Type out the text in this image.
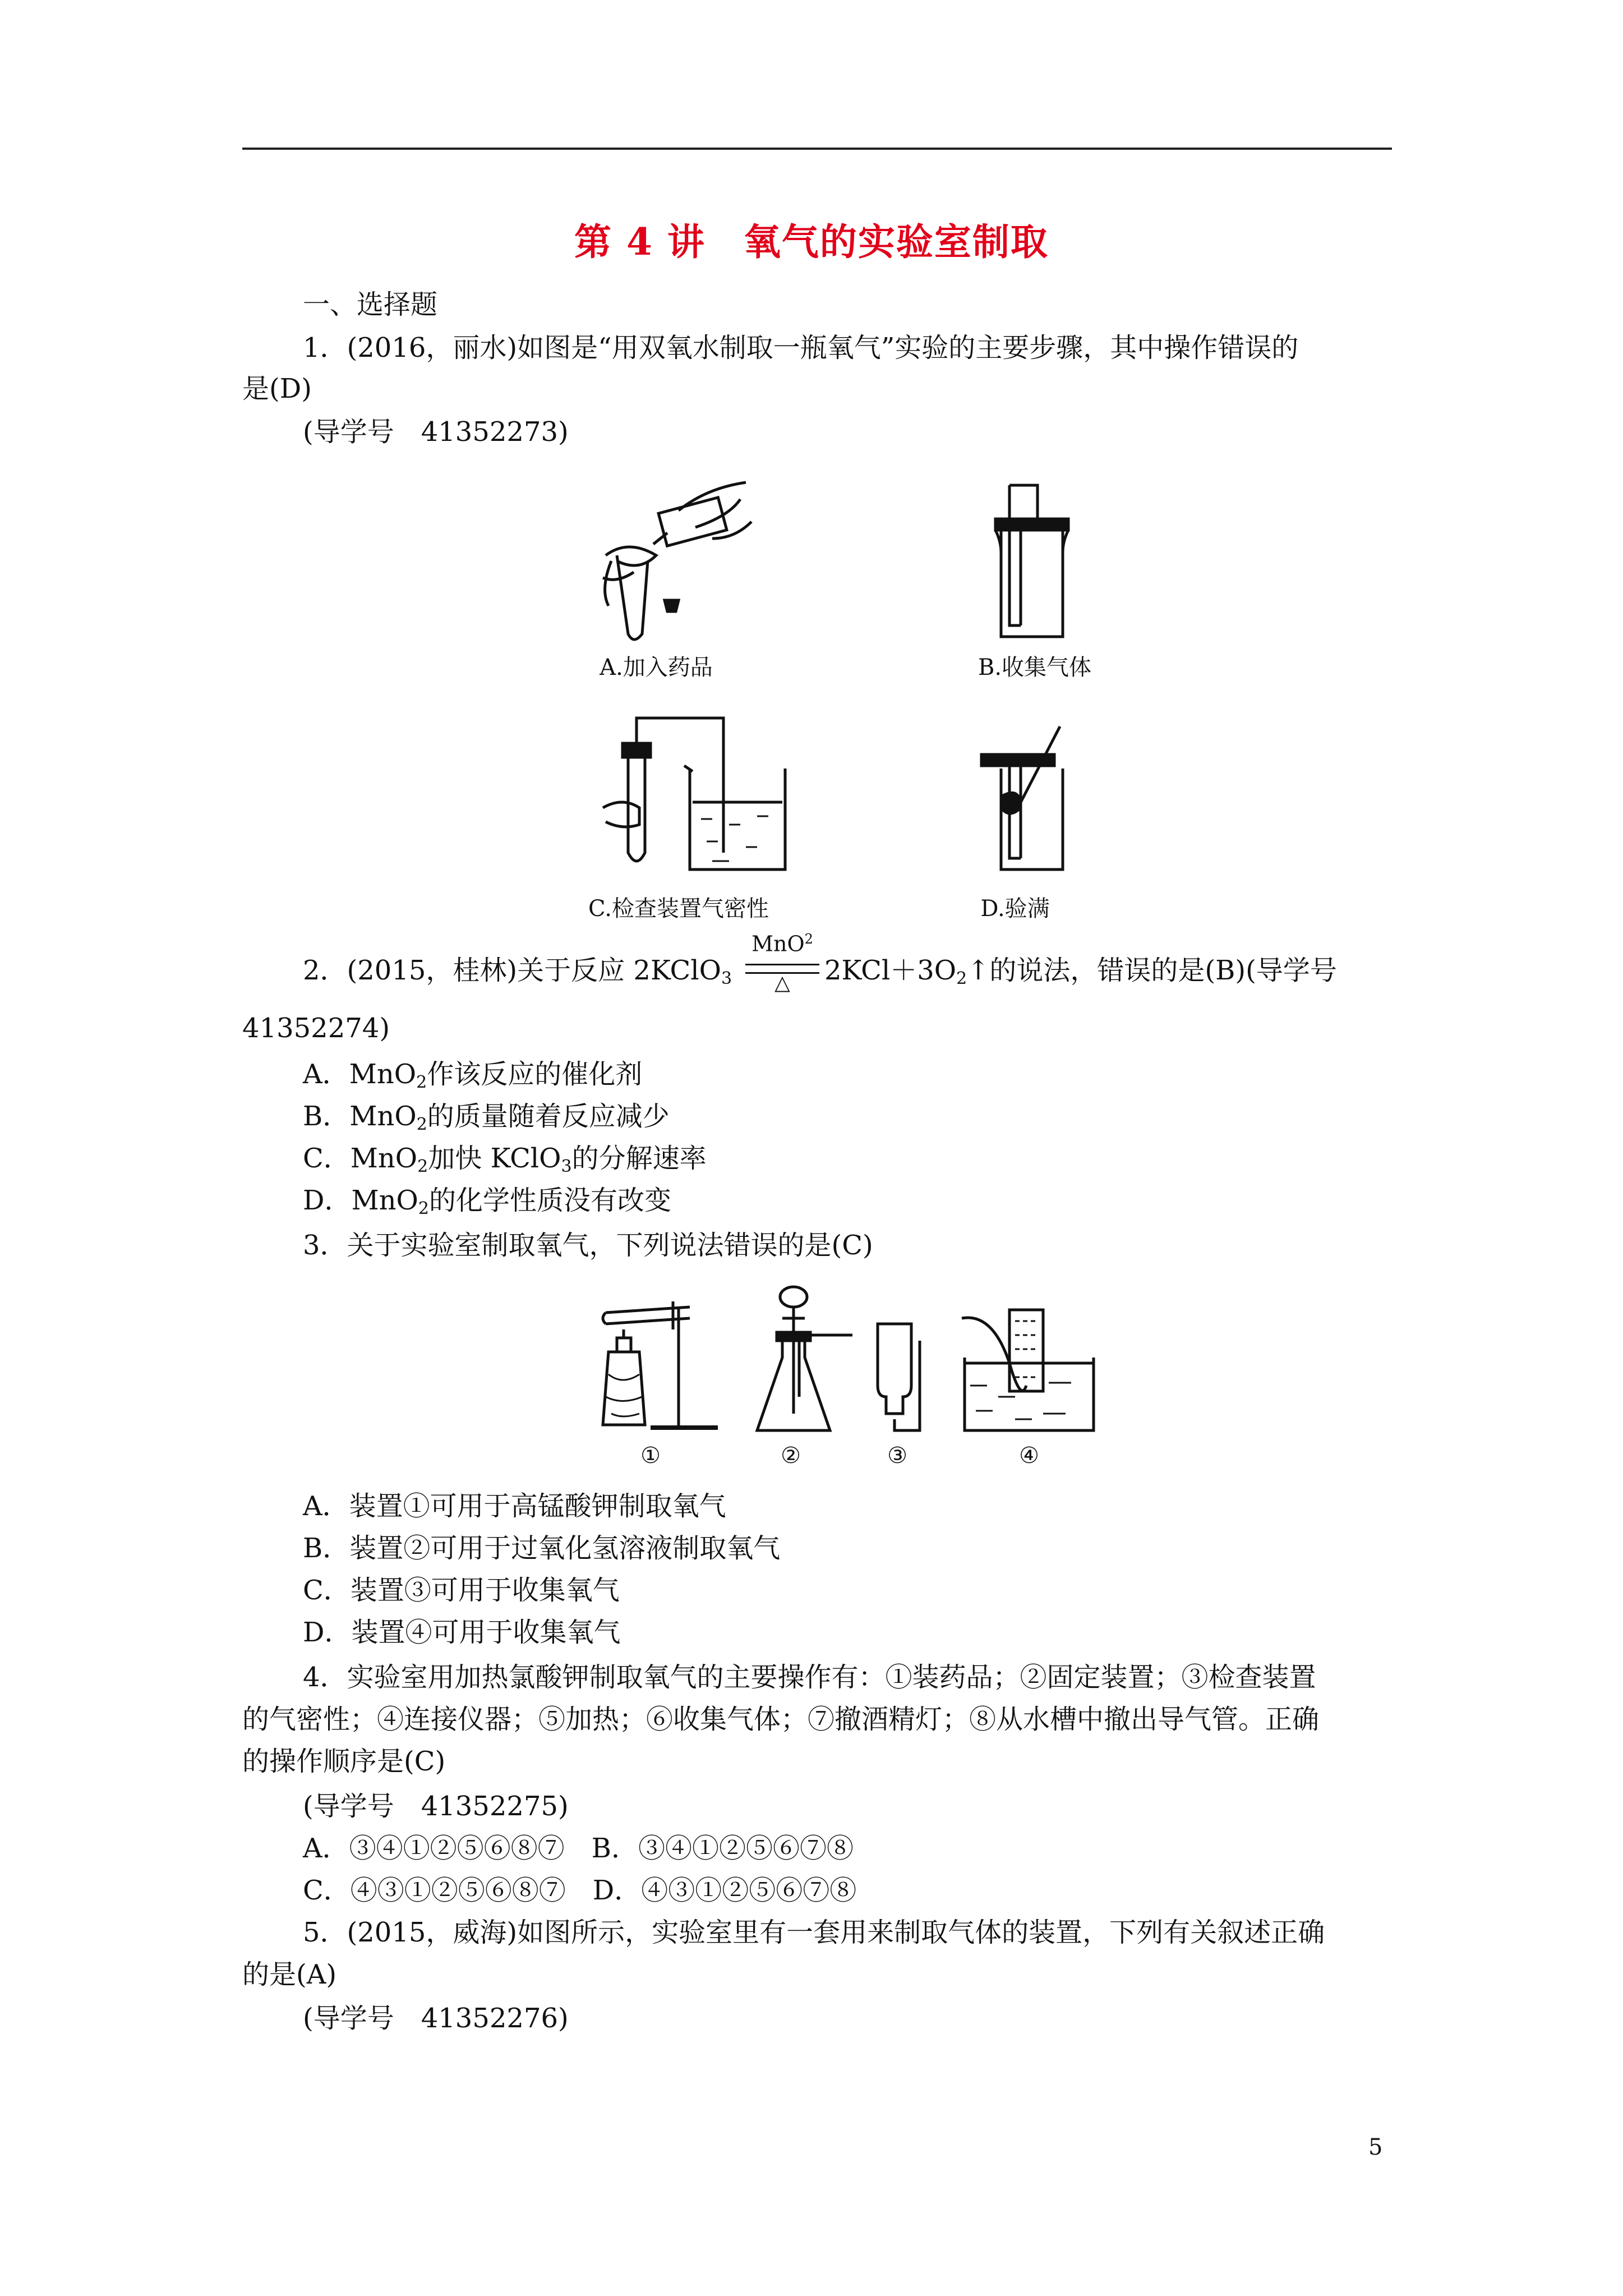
第 4 讲　氧气的实验室制取
一、选择题
1．(2016，丽水)如图是“用双氧水制取一瓶氧气”实验的主要步骤，其中操作错误的
是(D)
(导学号　41352273)
A.加入药品	B.收集气体
C.检查装置气密性	D.验满
2．(2015，桂林)关于反应 2KClO$_3$
MnO$^2$
△	$2KCl+3O_2↑$的说法，错误的是(B)(导学号
41352274)
A．MnO$_2$作该反应的催化剂
B．MnO$_2$的质量随着反应减少
C．MnO$_2$加快 KClO$_3$的分解速率
D．MnO$_2$的化学性质没有改变
3．关于实验室制取氧气，下列说法错误的是(C)
①	②	③	④
A．装置①可用于高锰酸钾制取氧气
B．装置②可用于过氧化氢溶液制取氧气
C．装置③可用于收集氧气
D．装置④可用于收集氧气
4．实验室用加热氯酸钾制取氧气的主要操作有：①装药品；②固定装置；③检查装置
的气密性；④连接仪器；⑤加热；⑥收集气体；⑦撤酒精灯；⑧从水槽中撤出导气管。正确
的操作顺序是(C)
(导学号　41352275)
A．③④①②⑤⑥⑧⑦　B．③④①②⑤⑥⑦⑧
C．④③①②⑤⑥⑧⑦　D．④③①②⑤⑥⑦⑧
5．(2015，威海)如图所示，实验室里有一套用来制取气体的装置，下列有关叙述正确
的是(A)
(导学号　41352276)
5
